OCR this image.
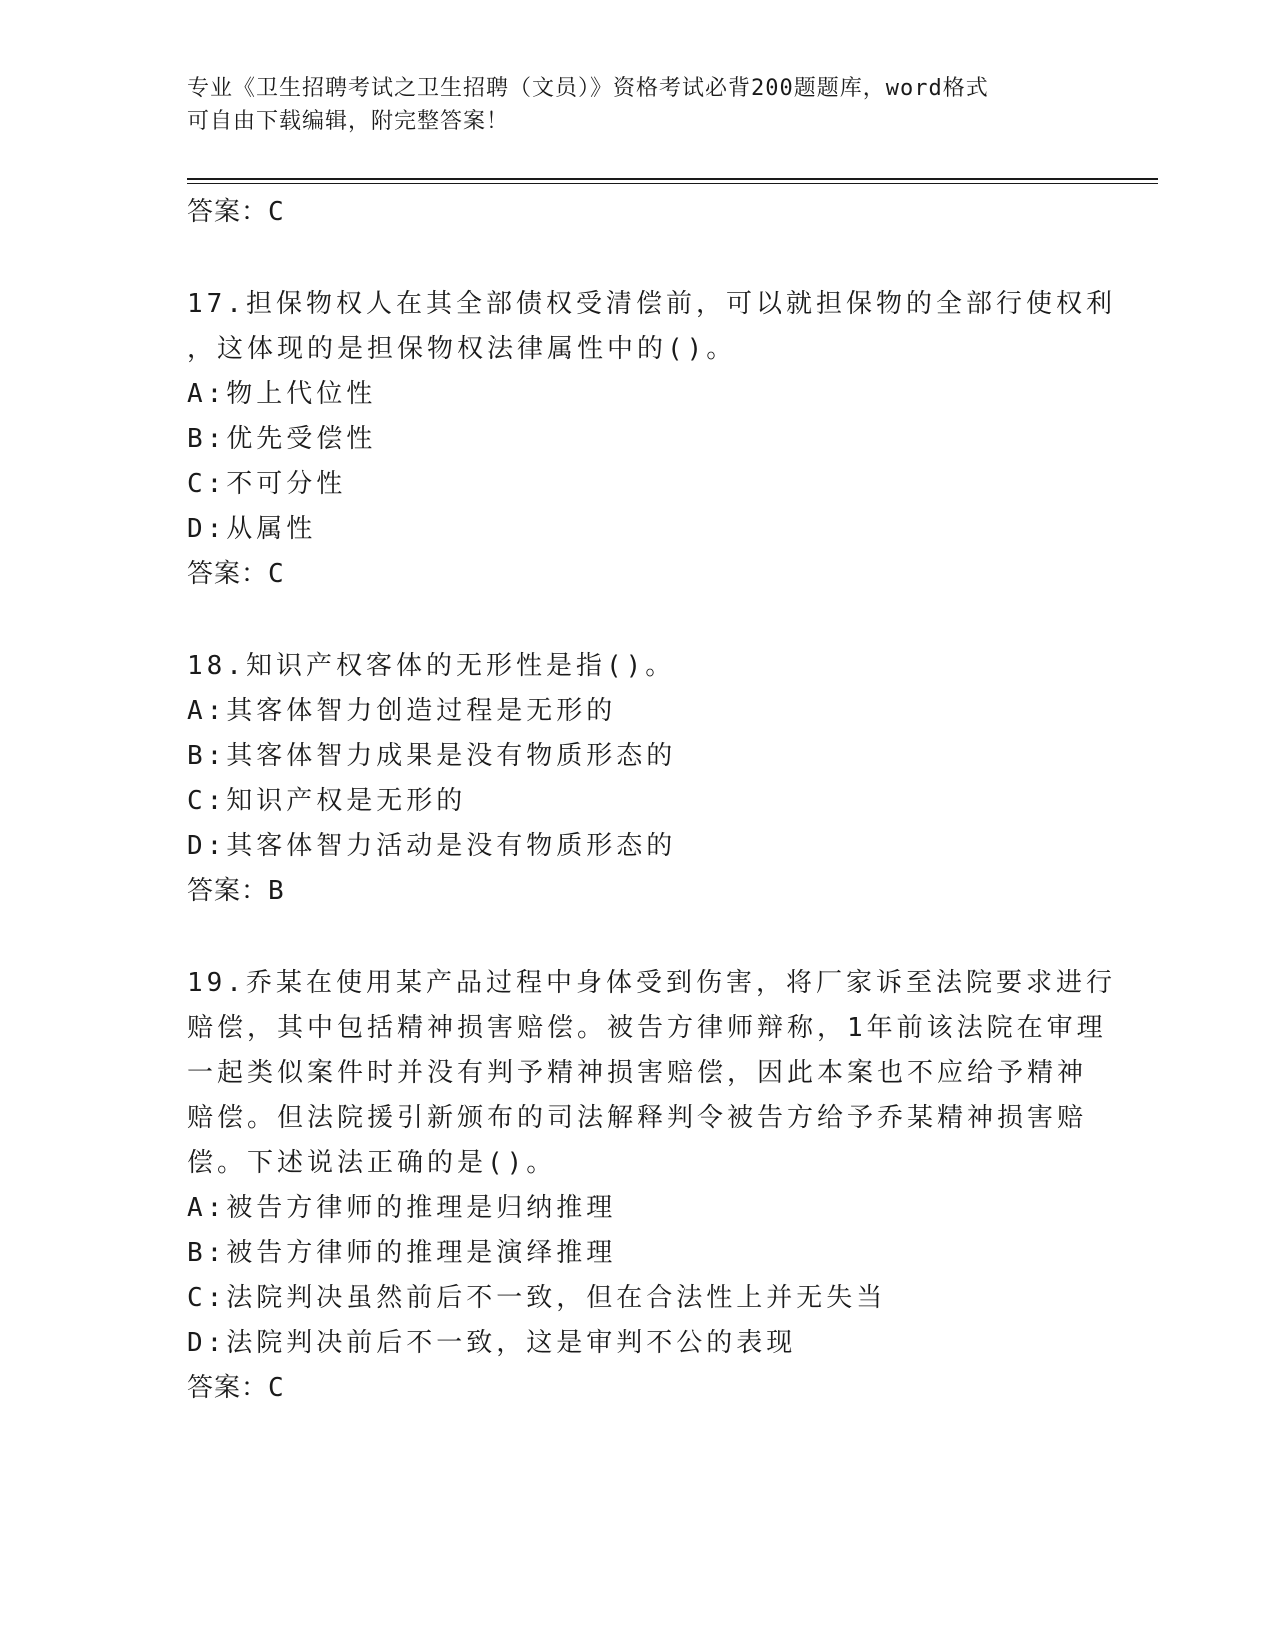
专业《卫生招聘考试之卫生招聘（文员）》资格考试必背200题题库，word格式
可自由下载编辑，附完整答案！
答案：C
17.担保物权人在其全部债权受清偿前，可以就担保物的全部行使权利
，这体现的是担保物权法律属性中的()。
A:物上代位性
B:优先受偿性
C:不可分性
D:从属性
答案：C
18.知识产权客体的无形性是指()。
A:其客体智力创造过程是无形的
B:其客体智力成果是没有物质形态的
C:知识产权是无形的
D:其客体智力活动是没有物质形态的
答案：B
19.乔某在使用某产品过程中身体受到伤害，将厂家诉至法院要求进行
赔偿，其中包括精神损害赔偿。被告方律师辩称，1年前该法院在审理
一起类似案件时并没有判予精神损害赔偿，因此本案也不应给予精神
赔偿。但法院援引新颁布的司法解释判令被告方给予乔某精神损害赔
偿。下述说法正确的是()。
A:被告方律师的推理是归纳推理
B:被告方律师的推理是演绎推理
C:法院判决虽然前后不一致，但在合法性上并无失当
D:法院判决前后不一致，这是审判不公的表现
答案：C
